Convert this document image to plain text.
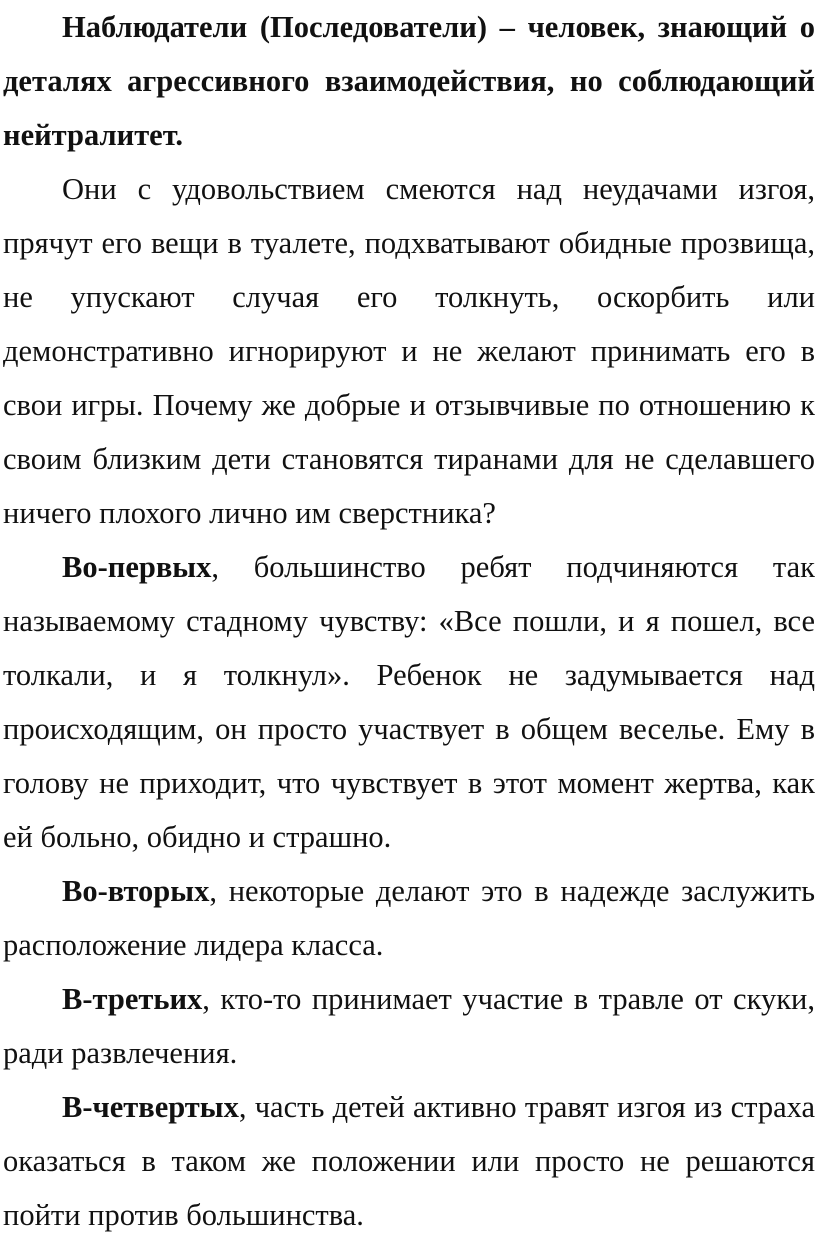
Наблюдатели (Последователи) – человек, знающий о деталях агрессивного взаимодействия, но соблюдающий нейтралитет.

Они с удовольствием смеются над неудачами изгоя, прячут его вещи в туалете, подхватывают обидные прозвища, не упускают случая его толкнуть, оскорбить или демонстративно игнорируют и не желают принимать его в свои игры. Почему же добрые и отзывчивые по отношению к своим близким дети становятся тиранами для не сделавшего ничего плохого лично им сверстника?

Во-первых, большинство ребят подчиняются так называемому стадному чувству: «Все пошли, и я пошел, все толкали, и я толкнул». Ребенок не задумывается над происходящим, он просто участвует в общем веселье. Ему в голову не приходит, что чувствует в этот момент жертва, как ей больно, обидно и страшно.

Во-вторых, некоторые делают это в надежде заслужить расположение лидера класса.

В-третьих, кто-то принимает участие в травле от скуки, ради развлечения.

В-четвертых, часть детей активно травят изгоя из страха оказаться в таком же положении или просто не решаются пойти против большинства.
